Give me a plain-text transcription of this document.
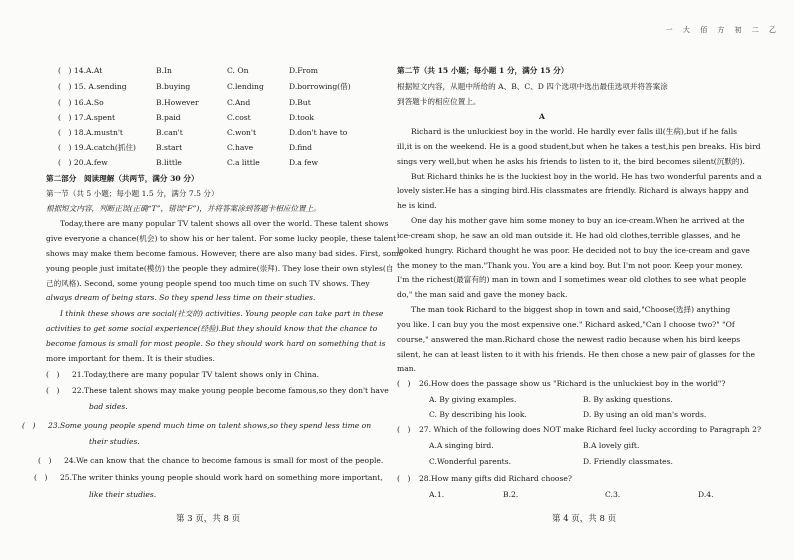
一 大 佰 方 初 二 乙
(　) 14.A.At	B.In	C. On	D.From
(　) 15. A.sending	B.buying	C.lending	D.borrowing(借)
(　) 16.A.So	B.However	C.And	D.But
(　) 17.A.spent	B.paid	C.cost	D.took
(　) 18.A.mustn't	B.can't	C.won't	D.don't have to
(　) 19.A.catch(抓住)	B.start	C.have	D.find
(　) 20.A.few	B.little	C.a little	D.a few
第二部分　阅读理解（共两节，满分 30 分）
第一节（共 5 小题；每小题 1.5 分，满分 7.5 分）
根据短文内容，判断正误(正确“T”，错误“F”)，并将答案涂到答题卡相应位置上。
Today,there are many popular TV talent shows all over the world. These talent shows
give everyone a chance(机会) to show his or her talent. For some lucky people, these talent
shows may make them become famous. However, there are also many bad sides. First, some
young people just imitate(模仿) the people they admire(崇拜). They lose their own styles(自
己的风格). Second, some young people spend too much time on such TV shows. They
always dream of being stars. So they spend less time on their studies.
I think these shows are social(社交的) activities. Young people can take part in these
activities to get some social experience(经验).But they should know that the chance to
become famous is small for most people. So they should work hard on something that is
more important for them. It is their studies.
(　) 21.Today,there are many popular TV talent shows only in China.
(　) 22.These talent shows may make young people become famous,so they don't have
bad sides.
(　) 23.Some young people spend much time on talent shows,so they spend less time on
their studies.
(　) 24.We can know that the chance to become famous is small for most of the people.
(　) 25.The writer thinks young people should work hard on something more important,
like their studies.
第 3 页，共 8 页
第二节（共 15 小题；每小题 1 分，满分 15 分）
根据短文内容，从题中所给的 A、B、C、D 四个选项中选出最佳选项并将答案涂
到答题卡的相应位置上。
A
Richard is the unluckiest boy in the world. He hardly ever falls ill(生病),but if he falls
ill,it is on the weekend. He is a good student,but when he takes a test,his pen breaks. His bird
sings very well,but when he asks his friends to listen to it, the bird becomes silent(沉默的).
But Richard thinks he is the luckiest boy in the world. He has two wonderful parents and a
lovely sister.He has a singing bird.His classmates are friendly. Richard is always happy and
he is kind.
One day his mother gave him some money to buy an ice-cream.When he arrived at the
ice-cream shop, he saw an old man outside it. He had old clothes,terrible glasses, and he
looked hungry. Richard thought he was poor. He decided not to buy the ice-cream and gave
the money to the man."Thank you. You are a kind boy. But I'm not poor. Keep your money.
I'm the richest(最富有的) man in town and I sometimes wear old clothes to see what people
do," the man said and gave the money back.
The man took Richard to the biggest shop in town and said,"Choose(选择) anything
you like. I can buy you the most expensive one." Richard asked,"Can I choose two?" "Of
course," answered the man.Richard chose the newest radio because when his bird keeps
silent, he can at least listen to it with his friends. He then chose a new pair of glasses for the
man.
(　) 26.How does the passage show us "Richard is the unluckiest boy in the world"?
A. By giving examples.	B. By asking questions.
C. By describing his look.	D. By using an old man's words.
(　) 27. Which of the following does NOT make Richard feel lucky according to Paragraph 2?
A.A singing bird.	B.A lovely gift.
C.Wonderful parents.	D. Friendly classmates.
(　) 28.How many gifts did Richard choose?
A.1.	B.2.	C.3.	D.4.
第 4 页，共 8 页
